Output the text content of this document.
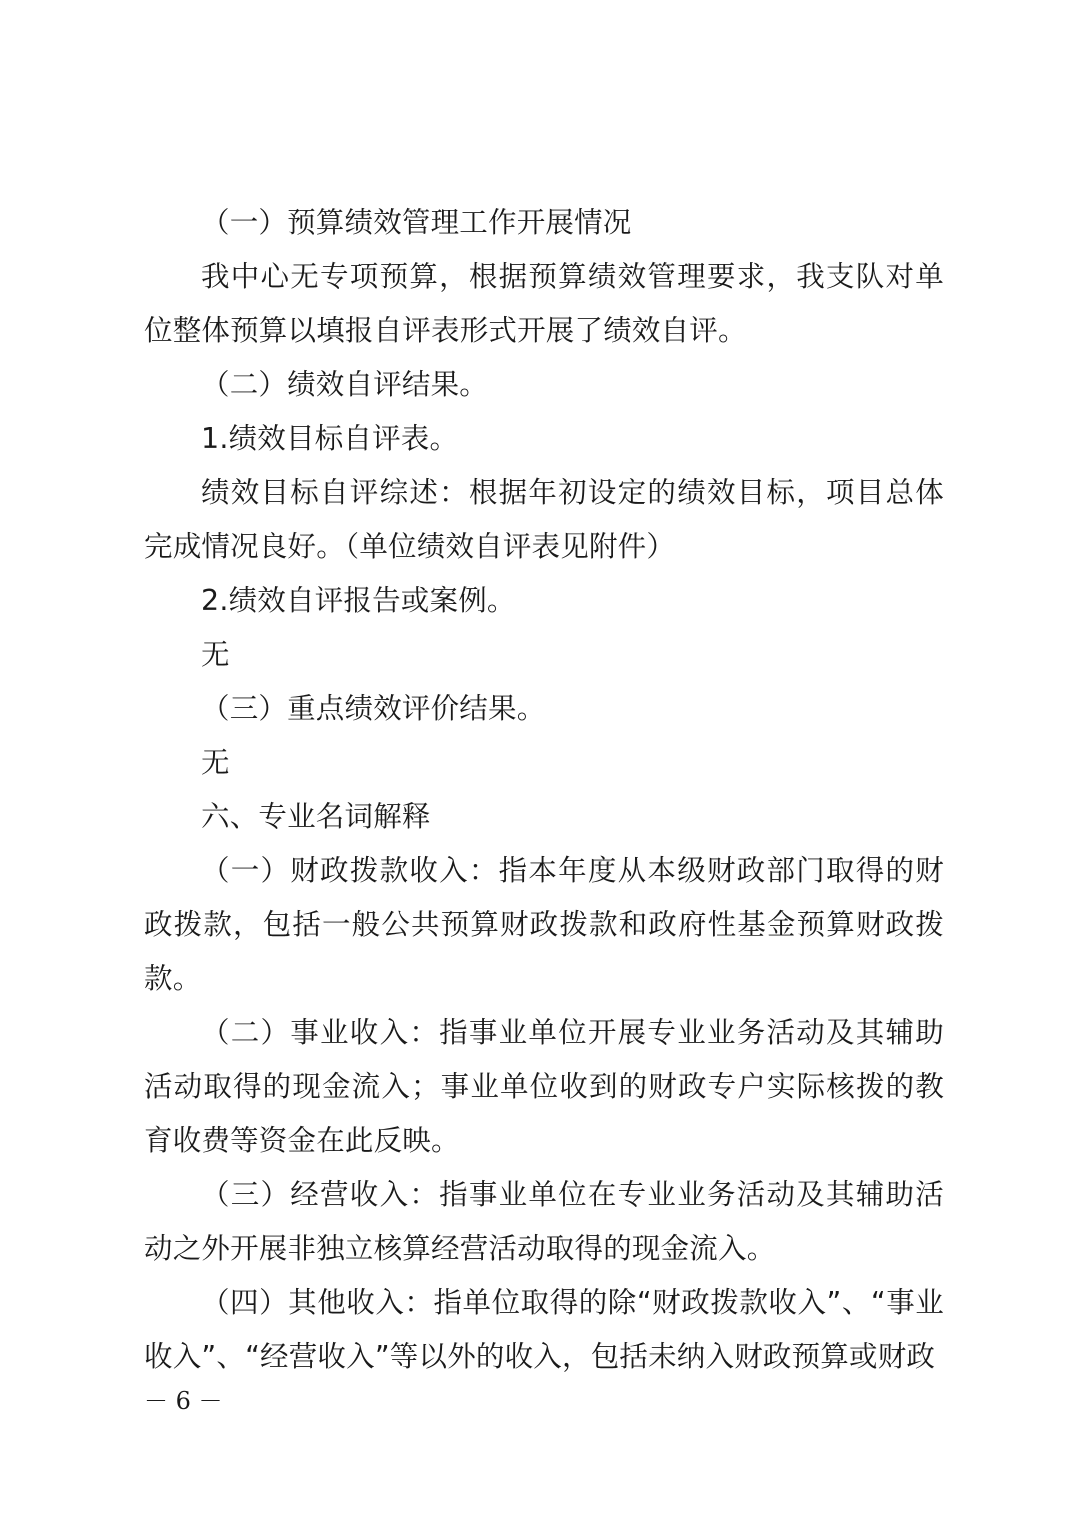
（一）预算绩效管理工作开展情况

我中心无专项预算，根据预算绩效管理要求，我支队对单位整体预算以填报自评表形式开展了绩效自评。

（二）绩效自评结果。

1.绩效目标自评表。

绩效目标自评综述：根据年初设定的绩效目标，项目总体完成情况良好。（单位绩效自评表见附件）

2.绩效自评报告或案例。

无

（三）重点绩效评价结果。

无

六、专业名词解释

（一）财政拨款收入：指本年度从本级财政部门取得的财政拨款，包括一般公共预算财政拨款和政府性基金预算财政拨款。

（二）事业收入：指事业单位开展专业业务活动及其辅助活动取得的现金流入；事业单位收到的财政专户实际核拨的教育收费等资金在此反映。

（三）经营收入：指事业单位在专业业务活动及其辅助活动之外开展非独立核算经营活动取得的现金流入。

（四）其他收入：指单位取得的除“财政拨款收入”、“事业收入”、“经营收入”等以外的收入，包括未纳入财政预算或财政

－ 6 －
